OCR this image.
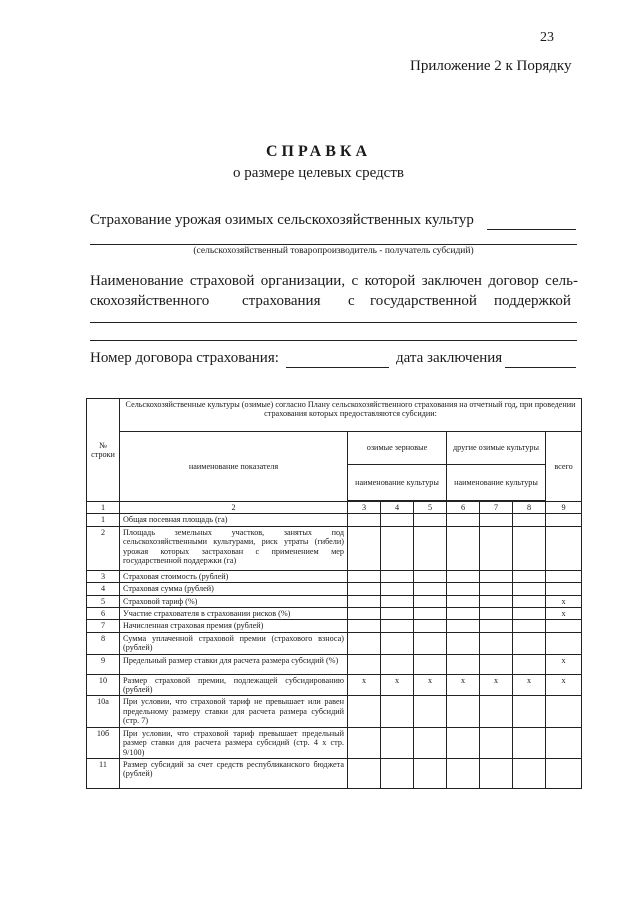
23
Приложение 2 к Порядку
СПРАВКА
о размере целевых средств
Страхование урожая озимых сельскохозяйственных культур
(сельскохозяйственный товаропроизводитель - получатель субсидий)
Наименование страховой организации, с которой заключен договор сель-
скохозяйственного страхования с государственной поддержкой
Номер договора страхования:	дата заключения
№ строки	Сельскохозяйственные культуры (озимые) согласно Плану сельскохозяйственного страхования на отчетный год, при проведении страхования которых предоставляются субсидии:							
	наименование показателя	озимые зерновые			другие озимые культуры			всего
		наименование культуры			наименование культуры			

1	2	3	4	5	6	7	8	9
1	Общая посевная площадь (га)							
2	Площадь земельных участков, занятых под сельскохозяйственными культурами, риск утраты (гибели) урожая которых застрахован с применением мер государственной поддержки (га)							
3	Страховая стоимость (рублей)							
4	Страховая сумма (рублей)							
5	Страховой тариф (%)							x
6	Участие страхователя в страховании рисков (%)							x
7	Начисленная страховая премия (рублей)							
8	Сумма уплаченной страховой премии (страхового взноса) (рублей)							
9	Предельный размер ставки для расчета размера субсидий (%)							x
10	Размер страховой премии, подлежащей субсидированию (рублей)	x	x	x	x	x	x	x
10а	При условии, что страховой тариф не превышает или равен предельному размеру ставки для расчета размера субсидий (стр. 7)							
10б	При условии, что страховой тариф превышает предельный размер ставки для расчета размера субсидий (стр. 4 х стр. 9/100)							
11	Размер субсидий за счет средств республиканского бюджета (рублей)							
